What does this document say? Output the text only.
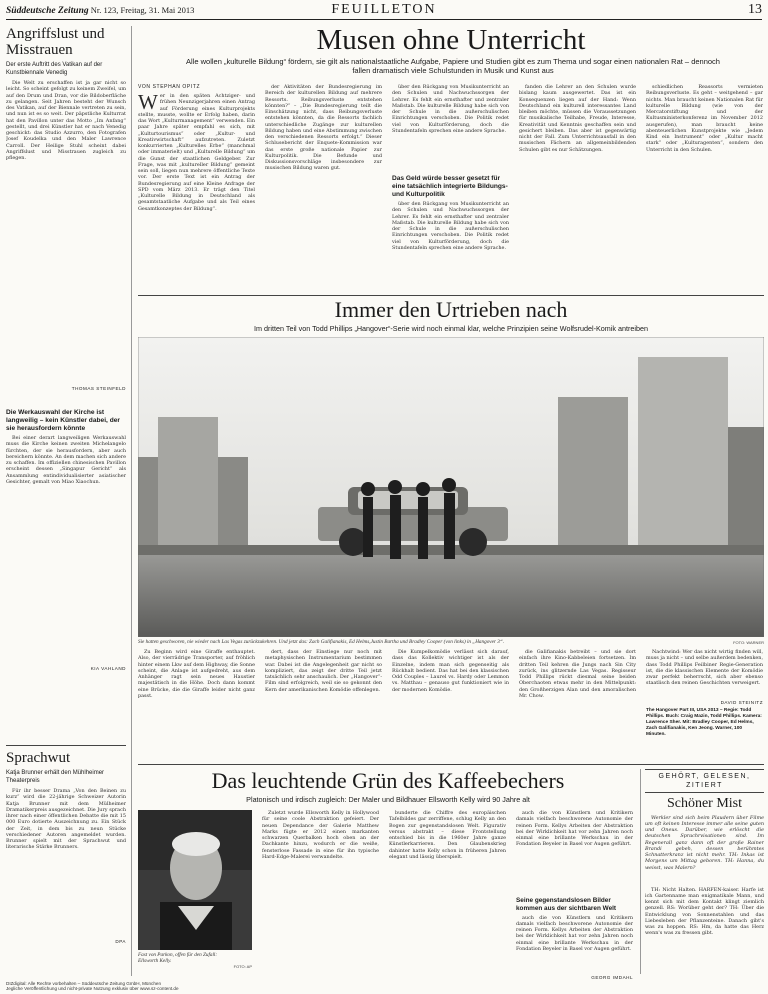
Süddeutsche Zeitung Nr. 123, Freitag, 31. Mai 2013	FEUILLETON	13
Angriffslust und Misstrauen
Der erste Auftritt des Vatikan auf der Kunstbiennale Venedig

Die Welt zu erschaffen ist ja gar nicht so leicht. So scheint gefolgt zu keinem Zweifel, um auf den Drum und Dran, vor die Bildoberfläche zu gelangen. Seit Jahren besteht der Wunsch des Vatikan, auf der Biennale vertreten zu sein, und nun ist es so weit. Der päpstliche Kulturrat hat den Pavillon unter das Motto „Im Anfang“ gestellt, und drei Künstler hat er nach Venedig geschickt: das Studio Azzurro, den Fotografen Josef Koudelka und den Maler Lawrence Carroll. Der Heilige Stuhl scheint dabei Angriffslust und Misstrauen zugleich zu pflegen.

THOMAS STEINFELD
Die Werkauswahl der Kirche ist langweilig – kein Künstler dabei, der sie herausfordern könnte

Bei einer derart langweiligen Werkauswahl muss die Kirche keinen zweiten Michelangelo fürchten, der sie herausfordern, aber auch bereichern könnte. An dem machen sich andere zu schaffen. Im offiziellen chinesischen Pavillon erscheint dessen „Singapur Gericht“ als Ansammlung entindividualisierter asiatischer Gesichter, gemalt von Miao Xiaochun.

KIA VAHLAND
Sprachwut
Katja Brunner erhält den Mühlheimer Theaterpreis

Für ihr besser Drama „Von den Beinen zu kurz“ wird die 22-jährige Schweizer Autorin Katja Brunner mit dem Mülheimer Dramatikerpreis ausgezeichnet. Die Jury sprach ihrer nach einer öffentlichen Debatte die mit 15 000 Euro dotierte Auszeichnung zu. Ein Stück der Zeit, in dem bis zu neun Stücke verschiedener Autoren angemeldet wurden. Brunner spielt mit der Sprachwut und literarische Stärke Brunners.

DPA
Musen ohne Unterricht
Alle wollen „kulturelle Bildung“ fördern, sie gilt als nationalstaatliche Aufgabe, Papiere und Studien gibt es zum Thema und sogar einen nationalen Rat – dennoch fallen dramatisch viele Schulstunden in Musik und Kunst aus
VON STEPHAN OPITZ
Wer in den späten Achtziger- und frühen Neunzigerjahren einen Antrag auf Förderung eines Kulturprojekts stellte, musste, wollte er Erfolg haben, darin das Wort „Kulturmanagement“ verwenden. Ein paar Jahre später empfahl es sich, mit „Kulturtourismus“ oder „Kultur- und Kreativwirtschaft“ aufzutreten. Zuletzt konkurrierten „Kulturelles Erbe“ (manchmal oder immaterielt) und „Kulturelle Bildung“ um die Gunst der staatlichen Geldgeber. Zur Frage, was mit „kultureller Bildung“ gemeint sein soll, liegen nun mehrere öffentliche Texte vor. Der erste Text ist ein Antrag der Bundesregierung auf eine Kleine Anfrage der SPD vom März 2013. Er trägt den Titel „Kulturelle Bildung in Deutschland als gesamtstaatliche Aufgabe und als Teil eines Gesamtkonzeptes der Bildung“.

der Aktivitäten der Bundesregierung im Bereich der kulturellen Bildung auf mehrere Ressorts. Reibungsverluste entstehen könnten?“ – „Die Bundesregierung teilt die Einschätzung nicht, dass Reibungsverluste entstehen könnten, da die Ressorts fachlich unterschiedliche Zugänge zur kulturellen Bildung haben und eine Abstimmung zwischen den verschiedenen Ressorts erfolgt.“ Dieser Schlusebericht der Enquete-Kommission war das erste große nationale Papier zur Kulturpolitik. Die Befunde und Diskussionsvorschläge insbesondere zur musischen Bildung waren gut.

über den Rückgang von Musikunterricht an den Schulen und Nachwuchssorgen der Lehrer. Es fehlt ein ernsthafter und zentraler Maßstab. Die kulturelle Bildung habe sich von der Schule in die außerschulischen Einrichtungen verschoben. Die Politik redet viel von Kulturförderung, doch die Stundentafeln sprechen eine andere Sprache.

Das Geld würde besser gesetzt für eine tatsächlich integrierte Bildungs- und Kulturpolitik

über den Rückgang von Musikunterricht an den Schulen und Nachwuchssorgen der Lehrer. Es fehlt ein ernsthafter und zentraler Maßstab. Die kulturelle Bildung habe sich von der Schule in die außerschulischen Einrichtungen verschoben. Die Politik redet viel von Kulturförderung, doch die Stundentafeln sprechen eine andere Sprache.

fanden die Lehrer an den Schulen wurde bislang kaum ausgewertet. Das ist ein Konsequenzen liegen auf der Hand: Wenn Deutschland ein kulturell interessantes Land bleiben möchte, müssen die Voraussetzungen für musikalische Teilhabe, Freude, Interesse, Kreativität und Kenntnis geschaffen sein und gesichert bleiben. Das aber ist gegenwärtig nicht der Fall. Zum Unterrichtsausfall in den musischen Fächern an allgemeinbildenden Schulen gibt es nur Schätzungen.

schiedlichen Reassorts vermieten Reibungsverluste. Es geht – weitgehend – gar nichts. Man braucht keinen Nationalen Rat für kulturelle Bildung (wie von der Mercatorstiftung und der Kultusministerkonferenz im November 2012 ausgerufen), man braucht keine abenteuerlichen Kunstprojekte wie „Jedem Kind ein Instrument“ oder „Kultur macht stark“ oder „Kulturagenten“, sondern den Unterricht in den Schulen.

Immer den Urtrieben nach
Im dritten Teil von Todd Phillips „Hangover“-Serie wird noch einmal klar, welche Prinzipien seine Wolfsrudel-Komik antreiben
Sie hatten geschworen, nie wieder nach Las Vegas zurückzukehren. Und jetzt das: Zach Galifianakis, Ed Helms,Justin Bartha und Bradley Cooper (von links) in „Hangover 3“.	FOTO: WARNER

Zu Beginn wird eine Giraffe enthauptet. Also, der vierrädrige Transporter, auf fröhlich hinter einem Lkw auf dem Highway, die Sonne scheint, die Anlage ist aufgedreht, aus dem Anhänger ragt sein neues Haustier majestätisch in die Höhe. Doch dann kommt eine Brücke, die die Giraffe leider nicht ganz passt.

dert, dass der Einstiege nur noch mit metaphysischen Instrumentarium bestimmen war. Dabei ist die Angelegenheit gar nicht so kompliziert, das zeigt der dritte Teil jetzt tatsächlich sehr anschaulich. Der „Hangover“-Film sind erfolgreich, weil sie so gekonnt den Kern der amerikanischen Komödie offenlegen.

Die Kumpelkomödie verlässt sich darauf, dass das Kollektiv wichtiger ist als der Einzelne, indem man sich gegenseitig als Rückhalt bedient. Das hat bei den klassischen Odd Couples – Laurel vs. Hardy oder Lemmon vs. Matthau – genauso gut funktioniert wie in der modernen Komödie.

die Galifianakis betreibt – und sie dort einfach ihre Kino-Kabbeleien fortsetzen. Im dritten Teil kehren die Jungs nach Sin City zurück, ins glitzernde Las Vegas. Regisseur Todd Phillips rückt diesmal seine beiden Oberchaoten etwas mehr in den Mittelpunkt: den Großherzigen Alan und den amoralischen Mr. Chow.

Nachtwind: Wer das nicht wirtig finden will, muss ja nicht – und selbe außerdem bedenken, dass Todd Phillips Feilbiner Regie-Generation ist, die die klassischen Elemente der Komödie zwar perfekt beherrscht, sich aber ebenso staatlisch den reinen Geschichten verweigert.

DAVID STEINITZ
The Hangover Part III, USA 2013 – Regie: Todd Phillips. Buch: Craig Mazin, Todd Phillips. Kamera: Lawrence Sher. Mit: Bradley Cooper, Ed Helms, Zach Galifianakis, Ken Jeong. Warner, 100 Minuten.
Das leuchtende Grün des Kaffeebechers
Platonisch und irdisch zugleich: Der Maler und Bildhauer Ellsworth Kelly wird 90 Jahre alt
Fast von Parkon, offen für den Zufall: Ellsworth Kelly.
FOTO: AP

Zuletzt wurde Ellsworth Kelly in Hollywood für seine coole Abstraktion gefeiert. Der neuen Dependance der Galerie Matthew Marks fügte er 2012 einen markanten schwarzen Querbalken hoch oben an der Dachkante hinzu, wodurch er die weiße, fensterlose Fassade in eine für ihn typische Hard-Edge-Malerei verwandelte.

bunderte die Chiffre des europäischen Tafelbildes gar zerriffene, schlug Kelly an den Bogen zur gegenstandslosen Welt. Figurativ versus abstrakt – diese Frontstellung entschied bis in die 1960er Jahre ganze Künstlerkarrieren. Den Glaubenskrieg dahinter hatte Kelly schon in früheren Jahren elegant und lässig überspielt.

auch die von Künstlern und Kritikern damals vielfach beschworene Autonomie der reinen Form. Kellys Arbeiten der Abstraktion bei der Wirklichkeit hat vor zehn Jahren noch einmal eine brillante Werkschau in der Fondation Beyeler in Basel vor Augen geführt.

Seine gegenstandslosen Bilder kommen aus der sichtbaren Welt

auch die von Künstlern und Kritikern damals vielfach beschworene Autonomie der reinen Form. Kellys Arbeiten der Abstraktion bei der Wirklichkeit hat vor zehn Jahren noch einmal eine brillante Werkschau in der Fondation Beyeler in Basel vor Augen geführt.

GEHÖRT, GELESEN, ZITIERT
Schöner Mist

Werkler sind sich beim Plaudern über Filme um oft keinen Interesse immer alle seine guten und Oneus. Darüber, wie erlöscht die deutschen Sprachrvisationen sind. Im Regenerall ganz dann oft der große Rainer Brandi gebeh, dessen berühmtes Schnatterkranz ist nicht mehr. TH: Inkas ist Morgens um Mittag geboren. TH: Hanna, du weisst, was Malern?

TH: Nicht Halten. HARFEN-kaiser. Harfe ist ich Gartenname man enigmatikale Mann, und kennt sich mit dem Kontakt klingt ziemlich genzell. RS: Worüber geht der? TH: Über die Entwicklung von Sonnenstahlen und das Liebesleben der Pflanzenteine. Danach gibt's was zu hoppen. RS: Hm, da hatte das Herz wenn's was zu fressen gibt.

GEORG IMDAHL
DIZdigital: Alle Rechte vorbehalten – Süddeutsche Zeitung GmbH, München
Jegliche Veröffentlichung und nicht-private Nutzung exklusiv über www.sz-content.de
